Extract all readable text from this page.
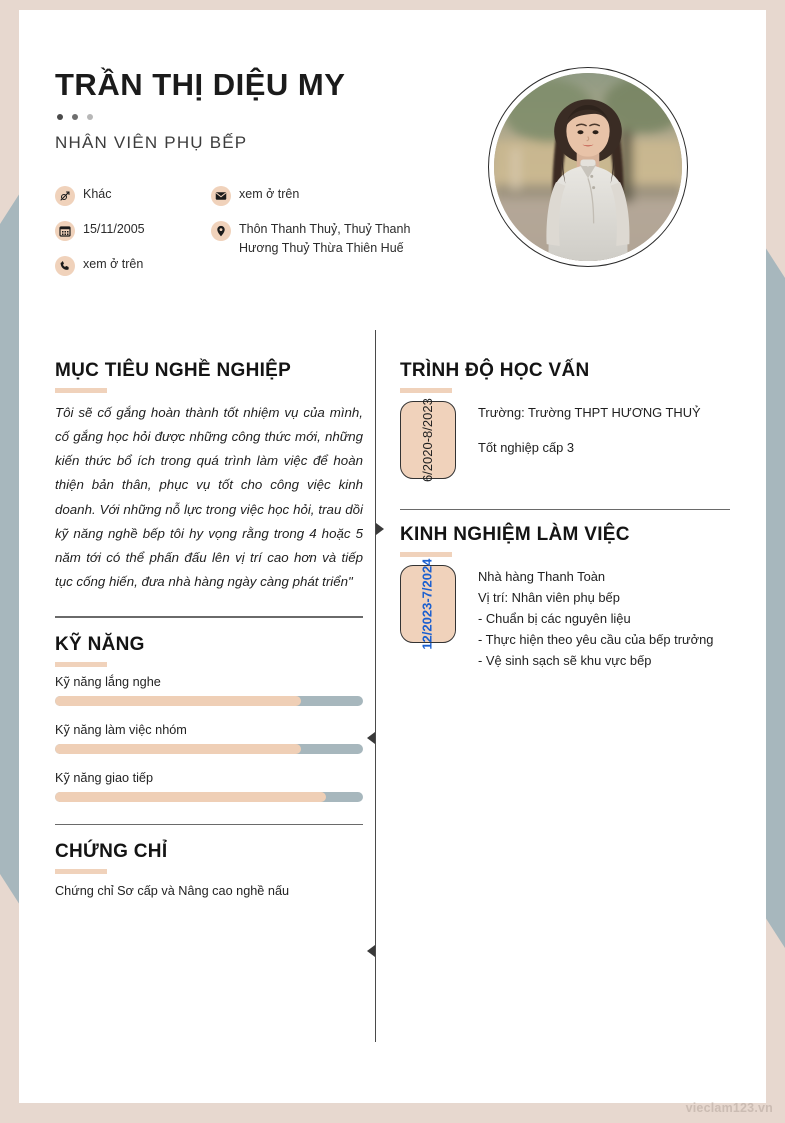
TRẦN THỊ DIỆU MY
NHÂN VIÊN PHỤ BẾP
Khác
15/11/2005
xem ở trên
xem ở trên
Thôn Thanh Thuỷ, Thuỷ Thanh Hương Thuỷ Thừa Thiên Huế
MỤC TIÊU NGHỀ NGHIỆP

Tôi sẽ cố gắng hoàn thành tốt nhiệm vụ của mình, cố gắng học hỏi được những công thức mới, những kiến thức bổ ích trong quá trình làm việc để hoàn thiện bản thân, phục vụ tốt cho công việc kinh doanh. Với những nỗ lực trong việc học hỏi, trau dồi kỹ năng nghề bếp tôi hy vọng rằng trong 4 hoặc 5 năm tới có thể phấn đấu lên vị trí cao hơn và tiếp tục cống hiến, đưa nhà hàng ngày càng phát triển"

KỸ NĂNG
Kỹ năng lắng nghe
Kỹ năng làm việc nhóm
Kỹ năng giao tiếp
CHỨNG CHỈ

Chứng chỉ Sơ cấp và Nâng cao nghề nấu

TRÌNH ĐỘ HỌC VẤN
6/2020-8/2023	Trường: Trường THPT HƯƠNG THUỶ
Tốt nghiệp cấp 3
KINH NGHIỆM LÀM VIỆC
12/2023-7/2024	Nhà hàng Thanh Toàn
Vị trí: Nhân viên phụ bếp
- Chuẩn bị các nguyên liệu
- Thực hiện theo yêu cầu của bếp trưởng
- Vệ sinh sạch sẽ khu vực bếp
vieclam123.vn
